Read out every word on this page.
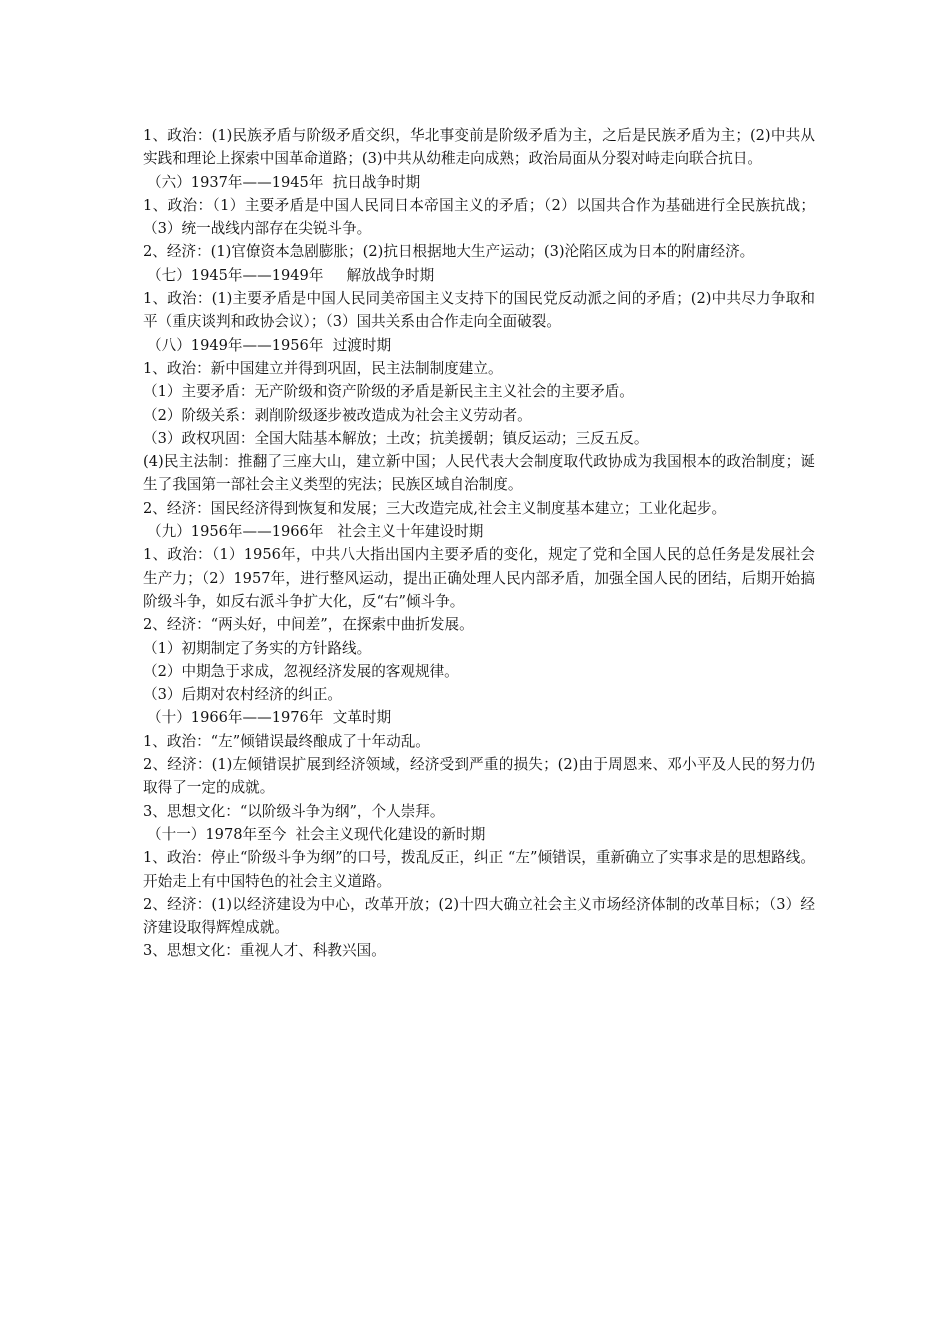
1、政治：(1)民族矛盾与阶级矛盾交织，华北事变前是阶级矛盾为主，之后是民族矛盾为主；(2)中共从实践和理论上探索中国革命道路；(3)中共从幼稚走向成熟；政治局面从分裂对峙走向联合抗日。

（六）1937年——1945年  抗日战争时期

1、政治：（1）主要矛盾是中国人民同日本帝国主义的矛盾；（2）以国共合作为基础进行全民族抗战；（3）统一战线内部存在尖锐斗争。

2、经济：(1)官僚资本急剧膨胀；(2)抗日根据地大生产运动；(3)沦陷区成为日本的附庸经济。

（七）1945年——1949年     解放战争时期

1、政治：(1)主要矛盾是中国人民同美帝国主义支持下的国民党反动派之间的矛盾；(2)中共尽力争取和平（重庆谈判和政协会议）；（3）国共关系由合作走向全面破裂。

（八）1949年——1956年  过渡时期

1、政治：新中国建立并得到巩固，民主法制制度建立。

（1）主要矛盾：无产阶级和资产阶级的矛盾是新民主主义社会的主要矛盾。

（2）阶级关系：剥削阶级逐步被改造成为社会主义劳动者。

（3）政权巩固：全国大陆基本解放；土改；抗美援朝；镇反运动；三反五反。

(4)民主法制：推翻了三座大山，建立新中国；人民代表大会制度取代政协成为我国根本的政治制度；诞生了我国第一部社会主义类型的宪法；民族区域自治制度。

2、经济：国民经济得到恢复和发展；三大改造完成,社会主义制度基本建立；工业化起步。

（九）1956年——1966年   社会主义十年建设时期

1、政治：（1）1956年，中共八大指出国内主要矛盾的变化，规定了党和全国人民的总任务是发展社会生产力；（2）1957年，进行整风运动，提出正确处理人民内部矛盾，加强全国人民的团结，后期开始搞阶级斗争，如反右派斗争扩大化，反“右”倾斗争。

2、经济：“两头好，中间差”，在探索中曲折发展。

（1）初期制定了务实的方针路线。

（2）中期急于求成，忽视经济发展的客观规律。

（3）后期对农村经济的纠正。

（十）1966年——1976年  文革时期

1、政治：“左”倾错误最终酿成了十年动乱。

2、经济：(1)左倾错误扩展到经济领域，经济受到严重的损失；(2)由于周恩来、邓小平及人民的努力仍取得了一定的成就。

3、思想文化：“以阶级斗争为纲”，个人崇拜。

（十一）1978年至今  社会主义现代化建设的新时期

1、政治：停止“阶级斗争为纲”的口号，拨乱反正，纠正 “左”倾错误，重新确立了实事求是的思想路线。开始走上有中国特色的社会主义道路。

2、经济：(1)以经济建设为中心，改革开放；(2)十四大确立社会主义市场经济体制的改革目标；（3）经济建设取得辉煌成就。

3、思想文化：重视人才、科教兴国。
